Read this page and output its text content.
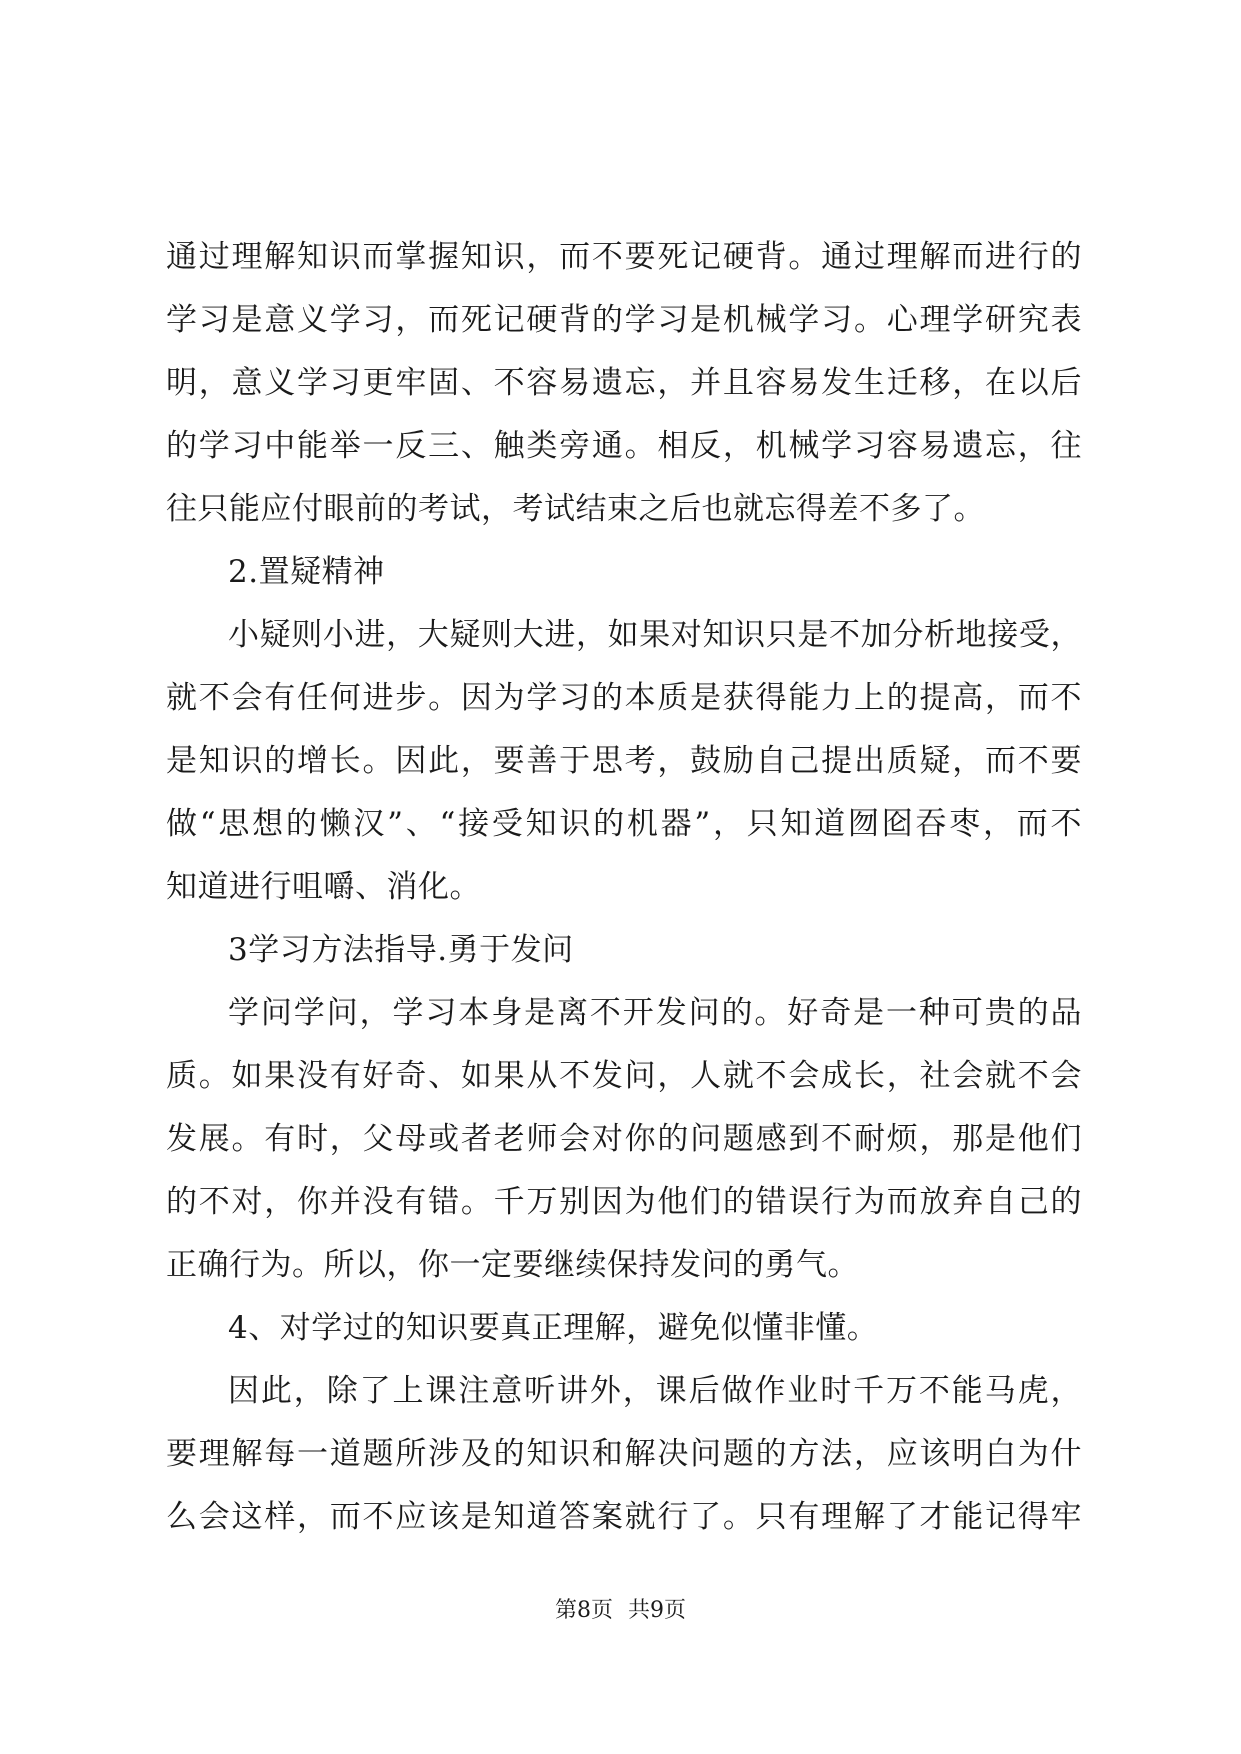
通过理解知识而掌握知识，而不要死记硬背。通过理解而进行的
学习是意义学习，而死记硬背的学习是机械学习。心理学研究表
明，意义学习更牢固、不容易遗忘，并且容易发生迁移，在以后
的学习中能举一反三、触类旁通。相反，机械学习容易遗忘，往
往只能应付眼前的考试，考试结束之后也就忘得差不多了。
2.置疑精神
小疑则小进，大疑则大进，如果对知识只是不加分析地接受，
就不会有任何进步。因为学习的本质是获得能力上的提高，而不
是知识的增长。因此，要善于思考，鼓励自己提出质疑，而不要
做“思想的懒汉”、“接受知识的机器”，只知道囫囵吞枣，而不
知道进行咀嚼、消化。
3学习方法指导.勇于发问
学问学问，学习本身是离不开发问的。好奇是一种可贵的品
质。如果没有好奇、如果从不发问，人就不会成长，社会就不会
发展。有时，父母或者老师会对你的问题感到不耐烦，那是他们
的不对，你并没有错。千万别因为他们的错误行为而放弃自己的
正确行为。所以，你一定要继续保持发问的勇气。
4、对学过的知识要真正理解，避免似懂非懂。
因此，除了上课注意听讲外，课后做作业时千万不能马虎，
要理解每一道题所涉及的知识和解决问题的方法，应该明白为什
么会这样，而不应该是知道答案就行了。只有理解了才能记得牢
第8页 共9页
